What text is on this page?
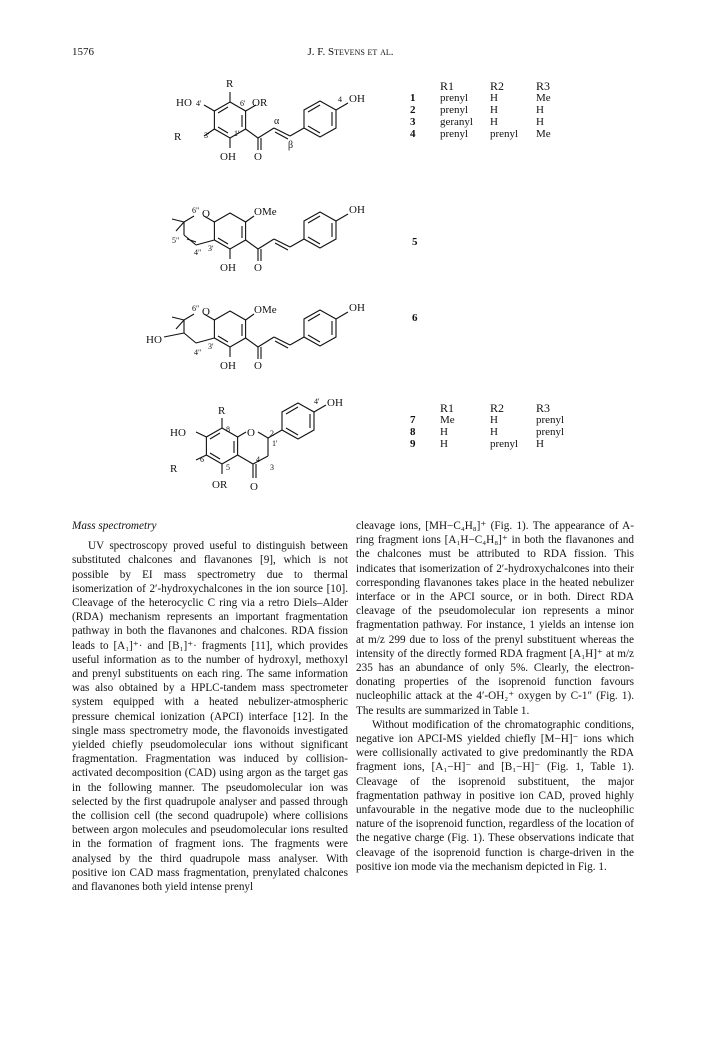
1576	J. F. Stevens et al.
R
HO 4'	6' OR
R	3'	1'
OH O
α
β
4 OH
R1	R2	R3
1	prenyl	H	Me
2	prenyl	H	H
3	geranyl	H	H
4	prenyl	prenyl	Me
6" O	OMe
5"
4" 3'
OH O
OH
5
6" O	OMe
HO
4"
3'
OH O
OH
6
4' OH
R
HO	8 O 2
1'
4
3
R
6
5
OR O
R1	R2	R3
7	Me	H	prenyl
8	H	H	prenyl
9	H	prenyl	H
Mass spectrometry

UV spectroscopy proved useful to distinguish between substituted chalcones and flavanones [9], which is not possible by EI mass spectrometry due to thermal isomerization of 2′-hydroxychalcones in the ion source [10]. Cleavage of the heterocyclic C ring via a retro Diels–Alder (RDA) mechanism represents an important fragmentation pathway in both the flavanones and chalcones. RDA fission leads to [A₁]⁺· and [B₁]⁺· fragments [11], which provides useful information as to the number of hydroxyl, methoxyl and prenyl substituents on each ring. The same information was also obtained by a HPLC-tandem mass spectrometer system equipped with a heated nebulizer-atmospheric pressure chemical ionization (APCI) interface [12]. In the single mass spectrometry mode, the flavonoids investigated yielded chiefly pseudomolecular ions without significant fragmentation. Fragmentation was induced by collision-activated decomposition (CAD) using argon as the target gas in the following manner. The pseudomolecular ion was selected by the first quadrupole analyser and passed through the collision cell (the second quadrupole) where collisions between argon molecules and pseudomolecular ions resulted in the formation of fragment ions. The fragments were analysed by the third quadrupole mass analyser. With positive ion CAD mass fragmentation, prenylated chalcones and flavanones both yield intense prenyl

cleavage ions, [MH−C₄H₈]⁺ (Fig. 1). The appearance of A-ring fragment ions [A₁H−C₄H₈]⁺ in both the flavanones and the chalcones must be attributed to RDA fission. This indicates that isomerization of 2′-hydroxychalcones into their corresponding flavanones takes place in the heated nebulizer interface or in the APCI source, or in both. Direct RDA cleavage of the pseudomolecular ion represents a minor fragmentation pathway. For instance, 1 yields an intense ion at m/z 299 due to loss of the prenyl substituent whereas the intensity of the directly formed RDA fragment [A₁H]⁺ at m/z 235 has an abundance of only 5%. Clearly, the electron-donating properties of the isoprenoid function favours nucleophilic attack at the 4′-OH₂⁺ oxygen by C-1″ (Fig. 1). The results are summarized in Table 1.

Without modification of the chromatographic conditions, negative ion APCI-MS yielded chiefly [M−H]⁻ ions which were collisionally activated to give predominantly the RDA fragment ions, [A₁−H]⁻ and [B₁−H]⁻ (Fig. 1, Table 1). Cleavage of the isoprenoid substituent, the major fragmentation pathway in positive ion CAD, proved highly unfavourable in the negative mode due to the nucleophilic nature of the isoprenoid function, regardless of the location of the negative charge (Fig. 1). These observations indicate that cleavage of the isoprenoid function is charge-driven in the positive ion mode via the mechanism depicted in Fig. 1.
